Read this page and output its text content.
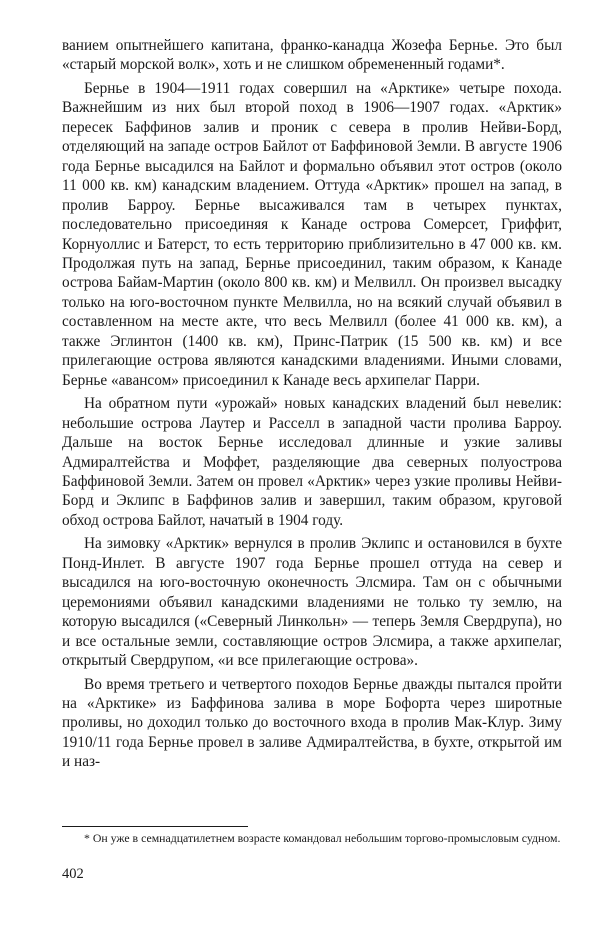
ванием опытнейшего капитана, франко-канадца Жозефа Бернье. Это был «старый морской волк», хоть и не слишком обремененный годами*.

Бернье в 1904—1911 годах совершил на «Арктике» четыре похода. Важнейшим из них был второй поход в 1906—1907 годах. «Арктик» пересек Баффинов залив и проник с севера в пролив Нейви-Борд, отделяющий на западе остров Байлот от Баффиновой Земли. В августе 1906 года Бернье высадился на Байлот и формально объявил этот остров (около 11 000 кв. км) канадским владением. Оттуда «Арктик» прошел на запад, в пролив Барроу. Бернье высаживался там в четырех пунктах, последовательно присоединяя к Канаде острова Сомерсет, Гриффит, Корнуоллис и Батерст, то есть территорию приблизительно в 47 000 кв. км. Продолжая путь на запад, Бернье присоединил, таким образом, к Канаде острова Байам-Мартин (около 800 кв. км) и Мелвилл. Он произвел высадку только на юго-восточном пункте Мелвилла, но на всякий случай объявил в составленном на месте акте, что весь Мелвилл (более 41 000 кв. км), а также Эглинтон (1400 кв. км), Принс-Патрик (15 500 кв. км) и все прилегающие острова являются канадскими владениями. Иными словами, Бернье «авансом» присоединил к Канаде весь архипелаг Парри.

На обратном пути «урожай» новых канадских владений был невелик: небольшие острова Лаутер и Расселл в западной части пролива Барроу. Дальше на восток Бернье исследовал длинные и узкие заливы Адмиралтейства и Моффет, разделяющие два северных полуострова Баффиновой Земли. Затем он провел «Арктик» через узкие проливы Нейви-Борд и Эклипс в Баффинов залив и завершил, таким образом, круговой обход острова Байлот, начатый в 1904 году.

На зимовку «Арктик» вернулся в пролив Эклипс и остановился в бухте Понд-Инлет. В августе 1907 года Бернье прошел оттуда на север и высадился на юго-восточную оконечность Элсмира. Там он с обычными церемониями объявил канадскими владениями не только ту землю, на которую высадился («Северный Линкольн» — теперь Земля Свердрупа), но и все остальные земли, составляющие остров Элсмира, а также архипелаг, открытый Свердрупом, «и все прилегающие острова».

Во время третьего и четвертого походов Бернье дважды пытался пройти на «Арктике» из Баффинова залива в море Бофорта через широтные проливы, но доходил только до восточного входа в пролив Мак-Клур. Зиму 1910/11 года Бернье провел в заливе Адмиралтейства, в бухте, открытой им и наз-

* Он уже в семнадцатилетнем возрасте командовал небольшим торгово-промысловым судном.
402
